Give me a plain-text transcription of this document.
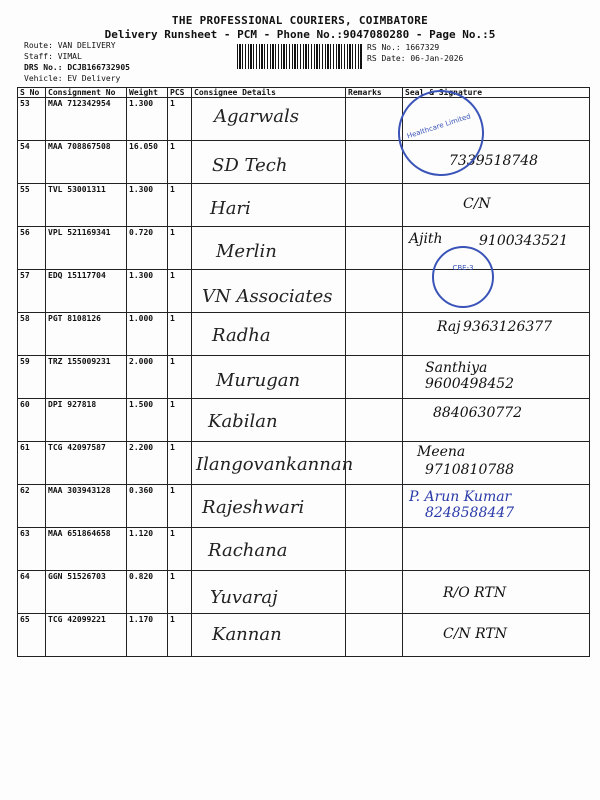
THE PROFESSIONAL COURIERS, COIMBATORE
Delivery Runsheet - PCM - Phone No.:9047080280 - Page No.:5
Route: VAN DELIVERY
Staff: VIMAL
DRS No.: DCJB166732905
Vehicle: EV Delivery
RS No.: 1667329
RS Date: 06-Jan-2026
S No	Consignment No	Weight	PCS	Consignee Details	Remarks	Seal & Signature
53	MAA 712342954	1.300	1	Agarwals		

54	MAA 708867508	16.050	1	SD Tech		7339518748

55	TVL 53001311	1.300	1	Hari		C/N

56	VPL 521169341	0.720	1	Merlin		Ajith 9100343521

57	EDQ 15117704	1.300	1	VN Associates		

58	PGT 8108126	1.000	1	Radha		Raj 9363126377

59	TRZ 155009231	2.000	1	Murugan		Santhiya
9600498452

60	DPI 927818	1.500	1	Kabilan		8840630772

61	TCG 42097587	2.200	1	Ilangovankannan		Meena
9710810788

62	MAA 303943128	0.360	1	Rajeshwari		P. Arun Kumar
8248588447

63	MAA 651864658	1.120	1	Rachana		

64	GGN 51526703	0.820	1	Yuvaraj		R/O RTN

65	TCG 42099221	1.170	1	Kannan		C/N RTN
Healthcare Limited
CBE-3
